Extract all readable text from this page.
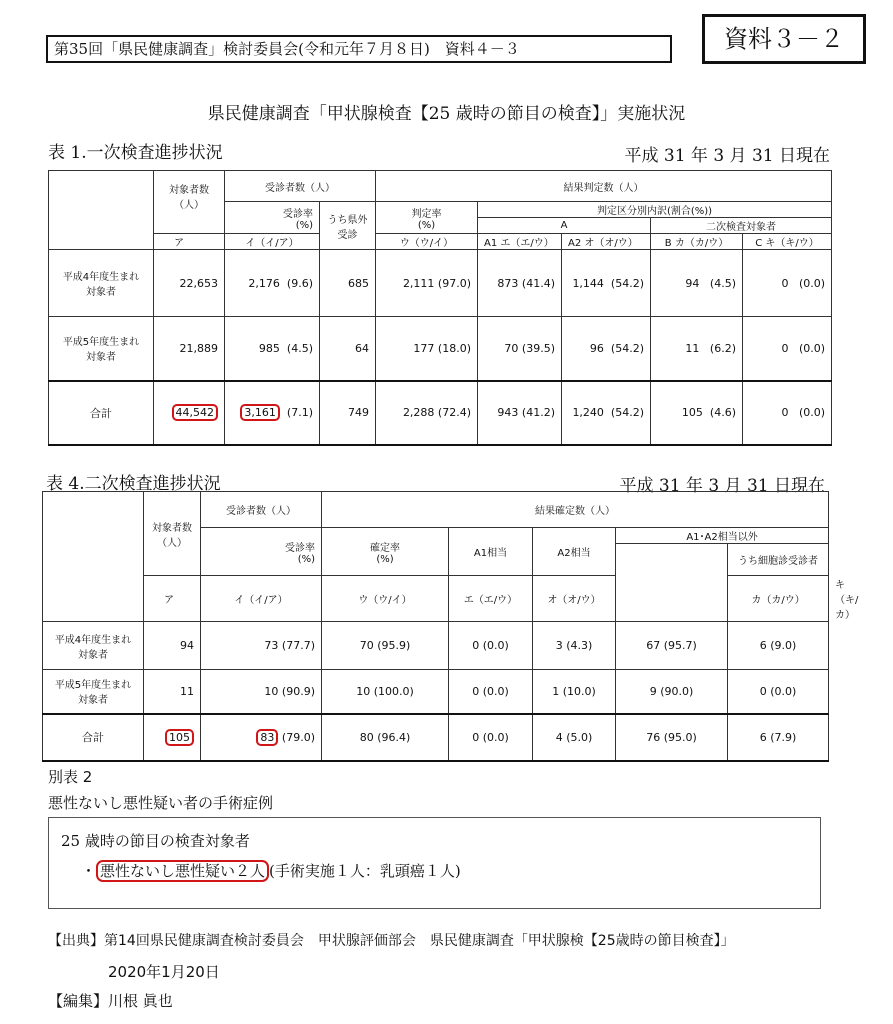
第35回「県民健康調査」検討委員会(令和元年７月８日)　資料４－３	資料３－２
県民健康調査「甲状腺検査【25 歳時の節目の検査】」実施状況
表 1.一次検査進捗状況	平成 31 年 3 月 31 日現在
	対象者数
（人）	受診者数（人）		結果判定数（人）				
		受診率
(%)	うち県外
受診	判定率
(%)	判定区分別内訳(割合(%))			
					A		二次検査対象者	
	ア	イ（イ/ア）		ウ（ウ/イ）	A1 エ（エ/ウ）	A2 オ（オ/ウ）	B カ（カ/ウ）	C キ（キ/ウ）
平成4年度生まれ
対象者	22,653	2,176 (9.6)	685	2,111 (97.0)	873 (41.4)	1,144  (54.2)	94   (4.5)	0   (0.0)
平成5年度生まれ
対象者	21,889	985 (4.5)	64	177 (18.0)	70 (39.5)	96  (54.2)	11   (6.2)	0   (0.0)
合計	44,542	3,161 (7.1)	749	2,288 (72.4)	943 (41.2)	1,240  (54.2)	105  (4.6)	0   (0.0)
表 4.二次検査進捗状況	平成 31 年 3 月 31 日現在
	対象者数
（人）	受診者数（人）	結果確定数（人）					
		受診率
(%)	確定率
(%)	A1相当	A2相当	A1･A2相当以外		
							うち細胞診受診者	
	ア	イ（イ/ア）	ウ（ウ/イ）	エ（エ/ウ）	オ（オ/ウ）		カ（カ/ウ）	キ（キ/カ）
平成4年度生まれ
対象者	94	73 (77.7)	70 (95.9)	0 (0.0)	3 (4.3)	67 (95.7)	6 (9.0)	
平成5年度生まれ
対象者	11	10 (90.9)	10 (100.0)	0 (0.0)	1 (10.0)	9 (90.0)	0 (0.0)	
合計	105	83 (79.0)	80 (96.4)	0 (0.0)	4 (5.0)	76 (95.0)	6 (7.9)	
別表 2
悪性ないし悪性疑い者の手術症例
25 歳時の節目の検査対象者
・ 悪性ないし悪性疑い２人 (手術実施１人：乳頭癌１人)
【出典】第14回県民健康調査検討委員会　甲状腺評価部会　県民健康調査「甲状腺検【25歳時の節目検査】」
2020年1月20日
【編集】川根 眞也
